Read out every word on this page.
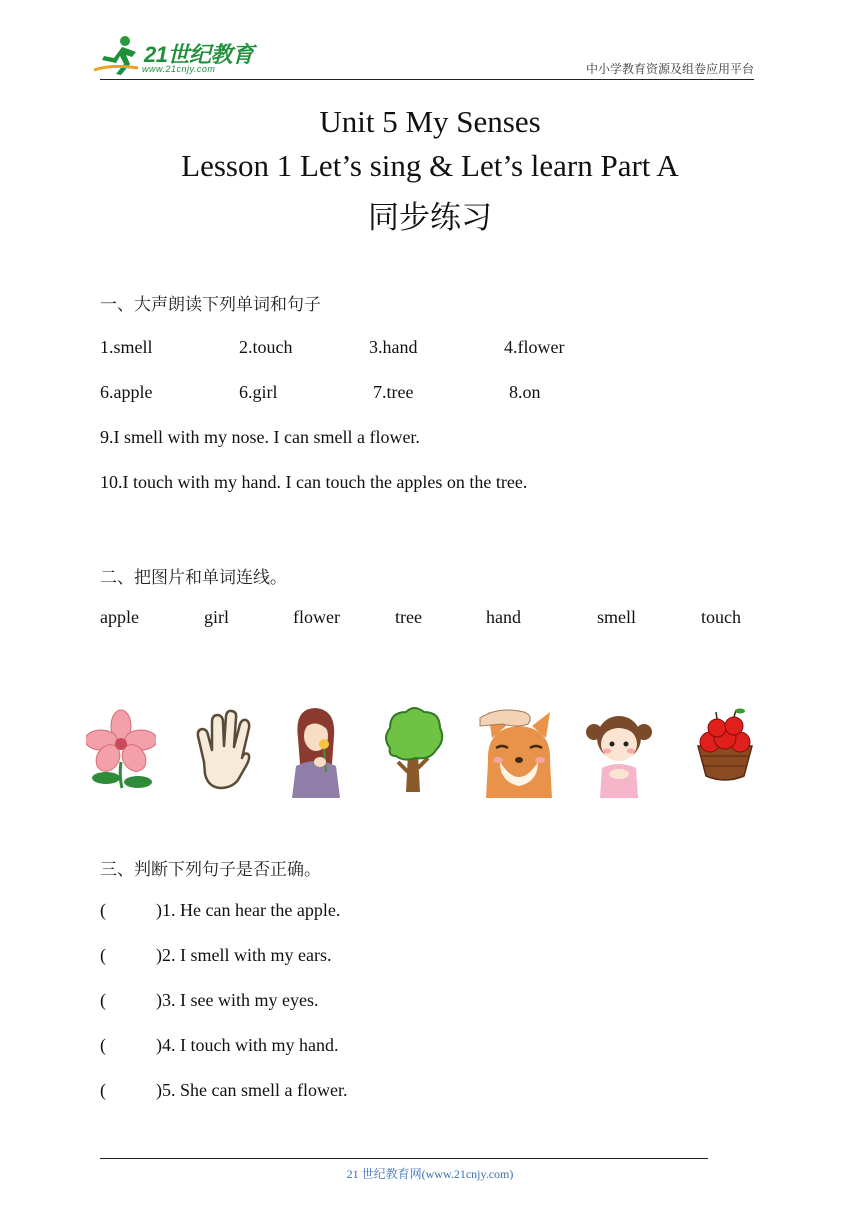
21世纪教育
www.21cnjy.com	中小学教育资源及组卷应用平台
Unit 5 My Senses
Lesson 1 Let’s sing & Let’s learn Part A
同步练习
一、大声朗读下列单词和句子
1.smell	2.touch	3.hand	4.flower
6.apple	6.girl	7.tree	8.on
9.I smell with my nose. I can smell a flower.
10.I touch with my hand. I can touch the apples on the tree.
二、把图片和单词连线。
apple	girl	flower	tree	hand	smell	touch
三、判断下列句子是否正确。
(	)1. He can hear the apple.
(	)2. I smell with my ears.
(	)3. I see with my eyes.
(	)4. I touch with my hand.
(	)5. She can smell a flower.
21 世纪教育网(www.21cnjy.com)
